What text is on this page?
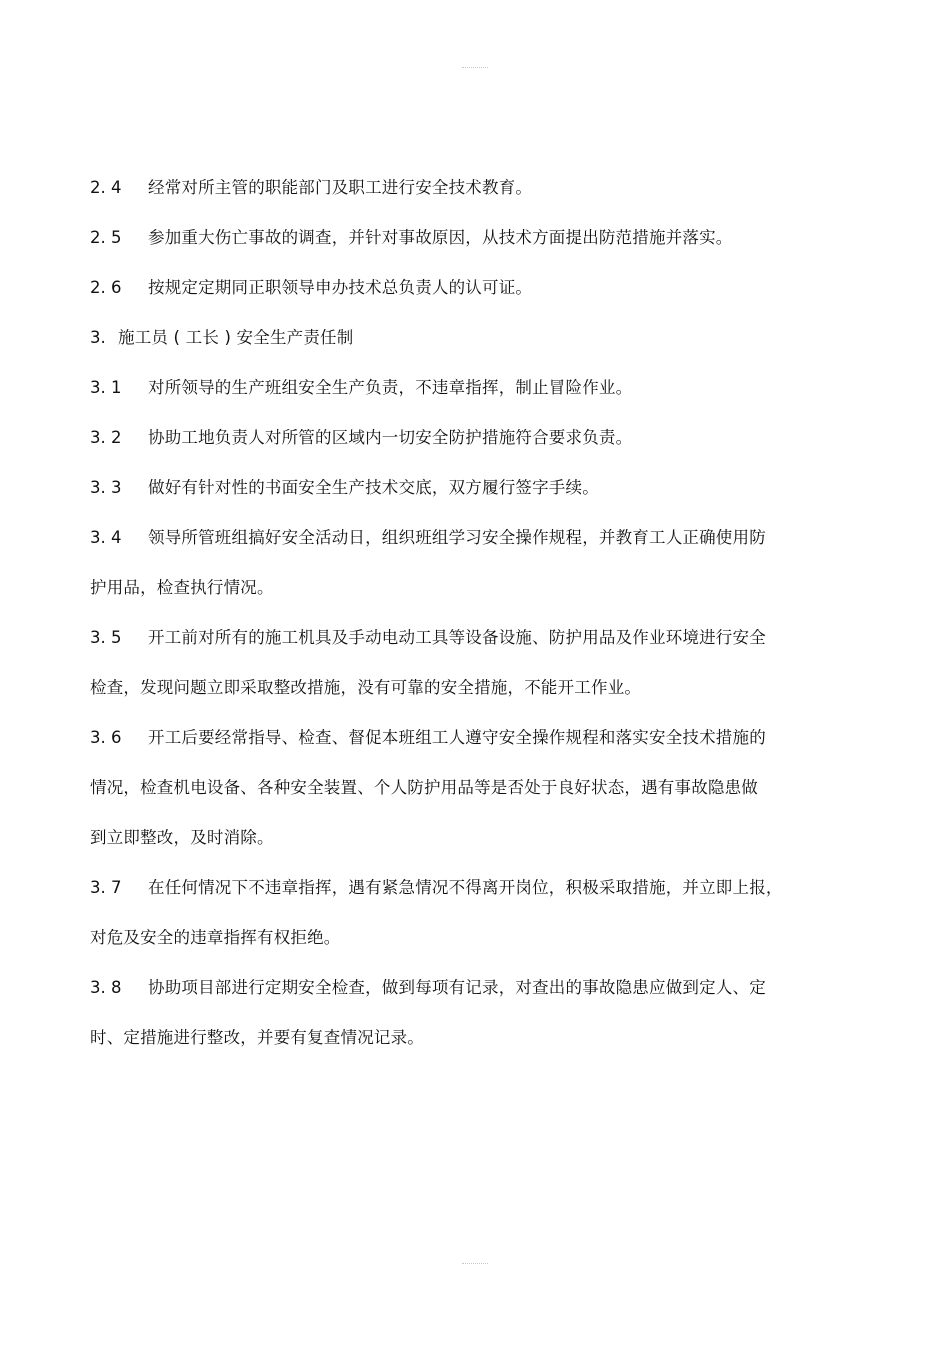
2. 4 经常对所主管的职能部门及职工进行安全技术教育。
2. 5 参加重大伤亡事故的调查，并针对事故原因，从技术方面提出防范措施并落实。
2. 6 按规定定期同正职领导申办技术总负责人的认可证。
3. 施工员 ( 工长 ) 安全生产责任制
3. 1 对所领导的生产班组安全生产负责，不违章指挥，制止冒险作业。
3. 2 协助工地负责人对所管的区域内一切安全防护措施符合要求负责。
3. 3 做好有针对性的书面安全生产技术交底，双方履行签字手续。
3. 4 领导所管班组搞好安全活动日，组织班组学习安全操作规程，并教育工人正确使用防
护用品，检查执行情况。
3. 5 开工前对所有的施工机具及手动电动工具等设备设施、防护用品及作业环境进行安全
检查，发现问题立即采取整改措施，没有可靠的安全措施，不能开工作业。
3. 6 开工后要经常指导、检查、督促本班组工人遵守安全操作规程和落实安全技术措施的
情况，检查机电设备、各种安全装置、个人防护用品等是否处于良好状态，遇有事故隐患做
到立即整改，及时消除。
3. 7 在任何情况下不违章指挥，遇有紧急情况不得离开岗位，积极采取措施，并立即上报，
对危及安全的违章指挥有权拒绝。
3. 8 协助项目部进行定期安全检查，做到每项有记录，对查出的事故隐患应做到定人、定
时、定措施进行整改，并要有复查情况记录。
